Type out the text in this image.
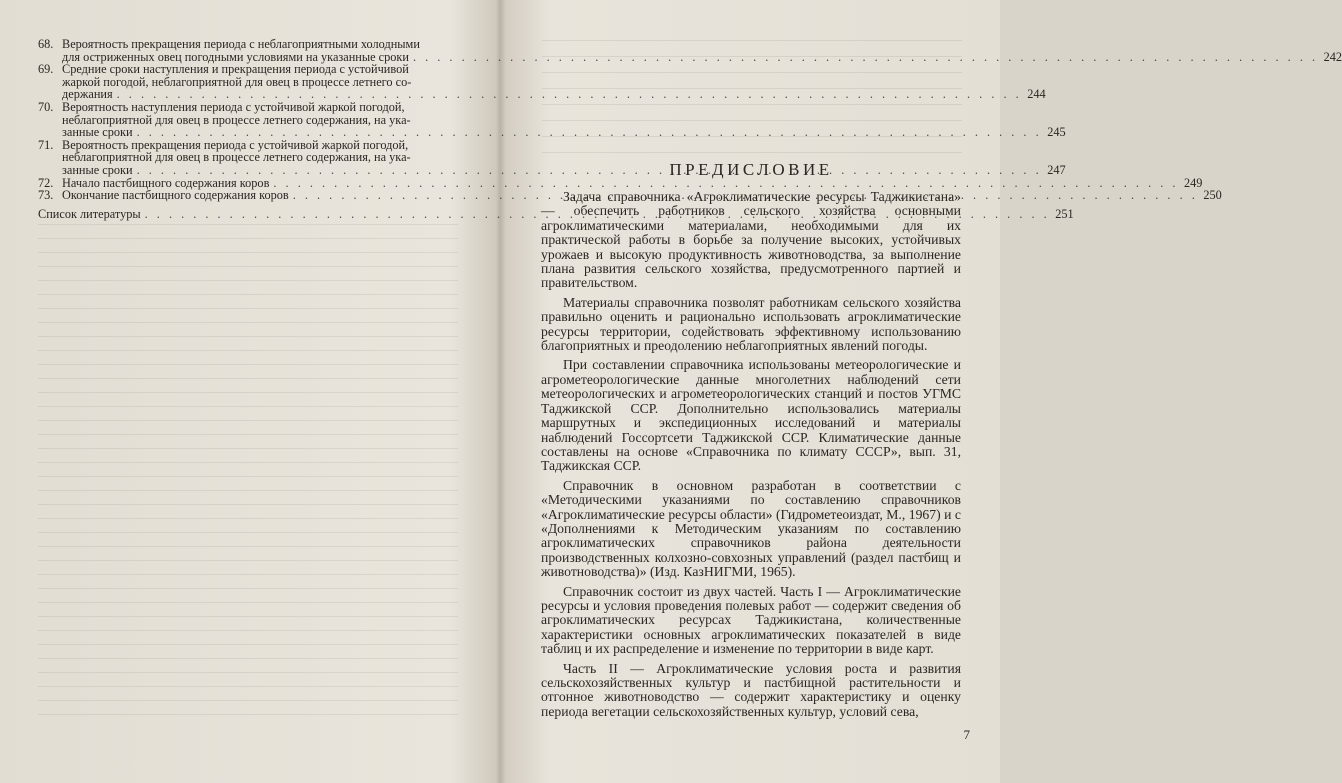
68. Вероятность прекращения периода с неблагоприятными холодными
для остриженных овец погодными условиями на указанные сроки . . .	242
69. Средние сроки наступления и прекращения периода с устойчивой
жаркой погодой, неблагоприятной для овец в процессе летнего со-
держания . . .	244
70. Вероятность наступления периода с устойчивой жаркой погодой,
неблагоприятной для овец в процессе летнего содержания, на ука-
занные сроки . . .	245
71. Вероятность прекращения периода с устойчивой жаркой погодой,
неблагоприятной для овец в процессе летнего содержания, на ука-
занные сроки . . .	247
72. Начало пастбищного содержания коров . . .	249
73. Окончание пастбищного содержания коров . . .	250
Список литературы . . .	251
ПРЕДИСЛОВИЕ

Задача справочника «Агроклиматические ресурсы Таджикистана» — обеспечить работников сельского хозяйства основными агроклиматическими материалами, необходимыми для их практической работы в борьбе за получение высоких, устойчивых урожаев и высокую продуктивность животноводства, за выполнение плана развития сельского хозяйства, предусмотренного партией и правительством.

Материалы справочника позволят работникам сельского хозяйства правильно оценить и рационально использовать агроклиматические ресурсы территории, содействовать эффективному использованию благоприятных и преодолению неблагоприятных явлений погоды.

При составлении справочника использованы метеорологические и агрометеорологические данные многолетних наблюдений сети метеорологических и агрометеорологических станций и постов УГМС Таджикской ССР. Дополнительно использовались материалы маршрутных и экспедиционных исследований и материалы наблюдений Госсортсети Таджикской ССР. Климатические данные составлены на основе «Справочника по климату СССР», вып. 31, Таджикская ССР.

Справочник в основном разработан в соответствии с «Методическими указаниями по составлению справочников «Агроклиматические ресурсы области» (Гидрометеоиздат, М., 1967) и с «Дополнениями к Методическим указаниям по составлению агроклиматических справочников района деятельности производственных колхозно-совхозных управлений (раздел пастбищ и животноводства)» (Изд. КазНИГМИ, 1965).

Справочник состоит из двух частей. Часть I — Агроклиматические ресурсы и условия проведения полевых работ — содержит сведения об агроклиматических ресурсах Таджикистана, количественные характеристики основных агроклиматических показателей в виде таблиц и их распределение и изменение по территории в виде карт.

Часть II — Агроклиматические условия роста и развития сельскохозяйственных культур и пастбищной растительности и отгонное животноводство — содержит характеристику и оценку периода вегетации сельскохозяйственных культур, условий сева,

7
